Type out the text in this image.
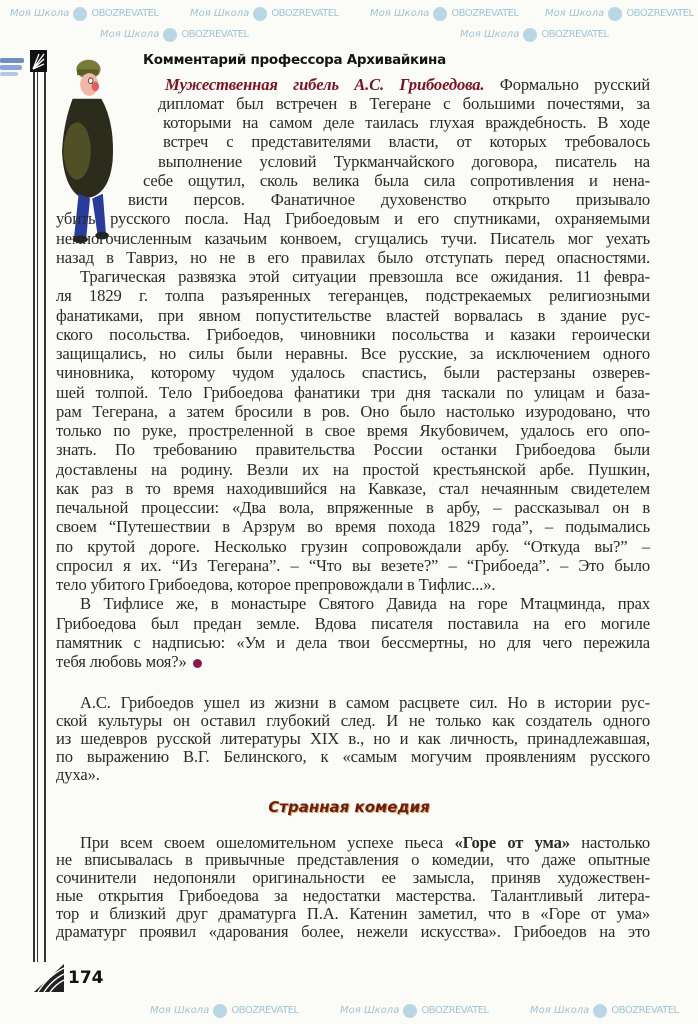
Моя Школа OBOZREVATEL	Моя Школа OBOZREVATEL	Моя Школа OBOZREVATEL	Моя Школа OBOZREVATEL
Моя Школа OBOZREVATEL	Моя Школа OBOZREVATEL
Моя Школа OBOZREVATEL	Моя Школа OBOZREVATEL	Моя Школа OBOZREVATEL
Комментарий профессора Архивайкина
Странная комедия
Мужественная гибель А.С. Грибоедова. Формально русский
дипломат был встречен в Тегеране с большими почестями, за
которыми на самом деле таилась глухая враждебность. В ходе
встреч с представителями власти, от которых требовалось
выполнение условий Туркманчайского договора, писатель на
себе ощутил, сколь велика была сила сопротивления и нена-
висти персов. Фанатичное духовенство открыто призывало
убить русского посла. Над Грибоедовым и его спутниками, охраняемыми
немногочисленным казачьим конвоем, сгущались тучи. Писатель мог уехать
назад в Тавриз, но не в его правилах было отступать перед опасностями.
Трагическая развязка этой ситуации превзошла все ожидания. 11 февра-
ля 1829 г. толпа разъяренных тегеранцев, подстрекаемых религиозными
фанатиками, при явном попустительстве властей ворвалась в здание рус-
ского посольства. Грибоедов, чиновники посольства и казаки героически
защищались, но силы были неравны. Все русские, за исключением одного
чиновника, которому чудом удалось спастись, были растерзаны озверев-
шей толпой. Тело Грибоедова фанатики три дня таскали по улицам и база-
рам Тегерана, а затем бросили в ров. Оно было настолько изуродовано, что
только по руке, простреленной в свое время Якубовичем, удалось его опо-
знать. По требованию правительства России останки Грибоедова были
доставлены на родину. Везли их на простой крестьянской арбе. Пушкин,
как раз в то время находившийся на Кавказе, стал нечаянным свидетелем
печальной процессии: «Два вола, впряженные в арбу, – рассказывал он в
своем “Путешествии в Арзрум во время похода 1829 года”, – подымались
по крутой дороге. Несколько грузин сопровождали арбу. “Откуда вы?” –
спросил я их. “Из Тегерана”. – “Что вы везете?” – “Грибоеда”. – Это было
тело убитого Грибоедова, которое препровождали в Тифлис...».
В Тифлисе же, в монастыре Святого Давида на горе Мтацминда, прах
Грибоедова был предан земле. Вдова писателя поставила на его могиле
памятник с надписью: «Ум и дела твои бессмертны, но для чего пережила
тебя любовь моя?»
А.С. Грибоедов ушел из жизни в самом расцвете сил. Но в истории рус-
ской культуры он оставил глубокий след. И не только как создатель одного
из шедевров русской литературы XIX в., но и как личность, принадлежавшая,
по выражению В.Г. Белинского, к «самым могучим проявлениям русского
духа».
При всем своем ошеломительном успехе пьеса «Горе от ума» настолько
не вписывалась в привычные представления о комедии, что даже опытные
сочинители недопоняли оригинальности ее замысла, приняв художествен-
ные открытия Грибоедова за недостатки мастерства. Талантливый литера-
тор и близкий друг драматурга П.А. Катенин заметил, что в «Горе от ума»
драматург проявил «дарования более, нежели искусства». Грибоедов на это
174
